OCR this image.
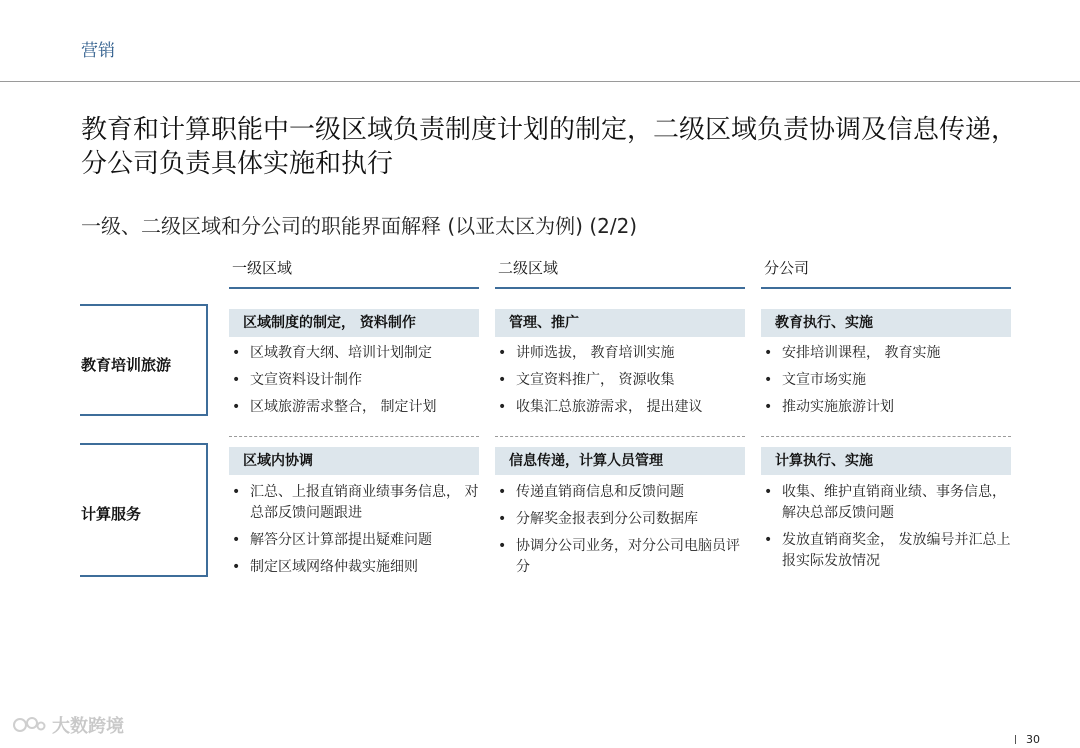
营销
教育和计算职能中一级区域负责制度计划的制定，二级区域负责协调及信息传递，分公司负责具体实施和执行
一级、二级区域和分公司的职能界面解释 (以亚太区为例) (2/2)
一级区域	二级区域	分公司
教育培训旅游
区域制度的制定， 资料制作
• 区域教育大纲、培训计划制定
• 文宣资料设计制作
• 区域旅游需求整合， 制定计划
管理、推广
• 讲师选拔， 教育培训实施
• 文宣资料推广， 资源收集
• 收集汇总旅游需求， 提出建议
教育执行、实施
• 安排培训课程， 教育实施
• 文宣市场实施
• 推动实施旅游计划
计算服务
区域内协调
• 汇总、上报直销商业绩事务信息， 对总部反馈问题跟进
• 解答分区计算部提出疑难问题
• 制定区域网络仲裁实施细则
信息传递，计算人员管理
• 传递直销商信息和反馈问题
• 分解奖金报表到分公司数据库
• 协调分公司业务，对分公司电脑员评分
计算执行、实施
• 收集、维护直销商业绩、事务信息， 解决总部反馈问题
• 发放直销商奖金， 发放编号并汇总上报实际发放情况
大数跨境
30
